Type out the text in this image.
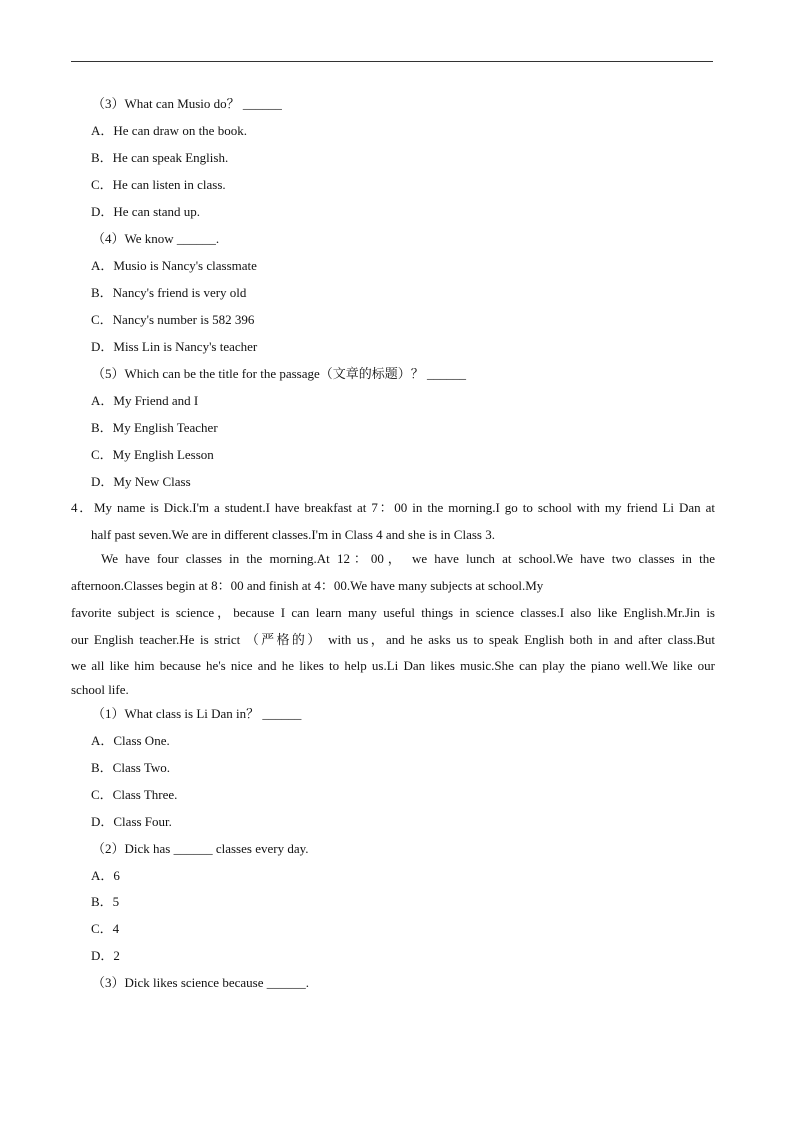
（3）What can Musio do？ ______
A．He can draw on the book.
B．He can speak English.
C．He can listen in class.
D．He can stand up.
（4）We know ______.
A．Musio is Nancy's classmate
B．Nancy's friend is very old
C．Nancy's number is 582 396
D．Miss Lin is Nancy's teacher
（5）Which can be the title for the passage（文章的标题）？ ______
A．My Friend and I
B．My English Teacher
C．My English Lesson
D．My New Class
4．My name is Dick.I'm a student.I have breakfast at 7：00 in the morning.I go to school with my friend Li Dan at
half past seven.We are in different classes.I'm in Class 4 and she is in Class 3.
We have four classes in the morning.At 12：00， we have lunch at school.We have two classes in the
afternoon.Classes begin at 8：00 and finish at 4：00.We have many subjects at school.My
favorite subject is science，because I can learn many useful things in science classes.I also like English.Mr.Jin is
our English teacher.He is strict （严格的） with us，and he asks us to speak English both in and after class.But
we all like him because he's nice and he likes to help us.Li Dan likes music.She can play the piano well.We like our
school life.
（1）What class is Li Dan in？ ______
A．Class One.
B．Class Two.
C．Class Three.
D．Class Four.
（2）Dick has ______ classes every day.
A．6
B．5
C．4
D．2
（3）Dick likes science because ______.
